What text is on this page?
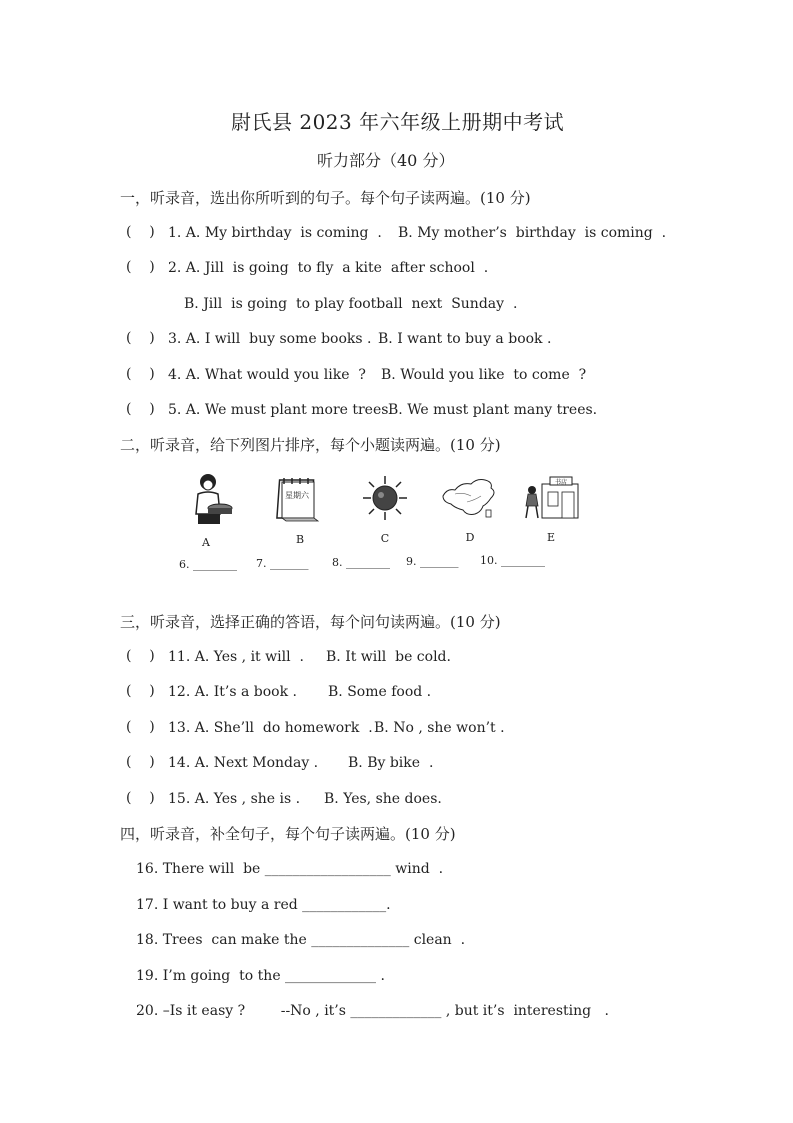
尉氏县 2023 年六年级上册期中考试
听力部分（40 分）
一，听录音，选出你所听到的句子。每个句子读两遍。(10 分)
(    ) 1. A. My birthday  is coming  . B. My mother’s  birthday  is coming  .
(    ) 2. A. Jill  is going  to fly  a kite  after school  .
B. Jill  is going  to play football  next  Sunday  .
(    ) 3. A. I will  buy some books . B. I want to buy a book .
(    ) 4. A. What would you like  ? B. Would you like  to come  ?
(    ) 5. A. We must plant more trees.
B. We must plant many trees.
二，听录音，给下列图片排序，每个小题读两遍。(10 分)
A
星期六
B	C	D
书店
E
6. ________ 7. _______ 8. ________ 9. _______ 10. ________
三，听录音，选择正确的答语，每个问句读两遍。(10 分)
(    ) 11. A. Yes , it will  . B. It will  be cold.
(    ) 12. A. It’s a book . B. Some food .
(    ) 13. A. She’ll  do homework  . B. No , she won’t .
(    ) 14. A. Next Monday . B. By bike  .
(    ) 15. A. Yes , she is . B. Yes, she does.
四，听录音，补全句子，每个句子读两遍。(10 分)
16. There will  be __________________ wind  .
17. I want to buy a red ____________.
18. Trees  can make the ______________ clean  .
19. I’m going  to the _____________ .
20. –Is it easy ?        --No , it’s _____________ , but it’s  interesting   .
